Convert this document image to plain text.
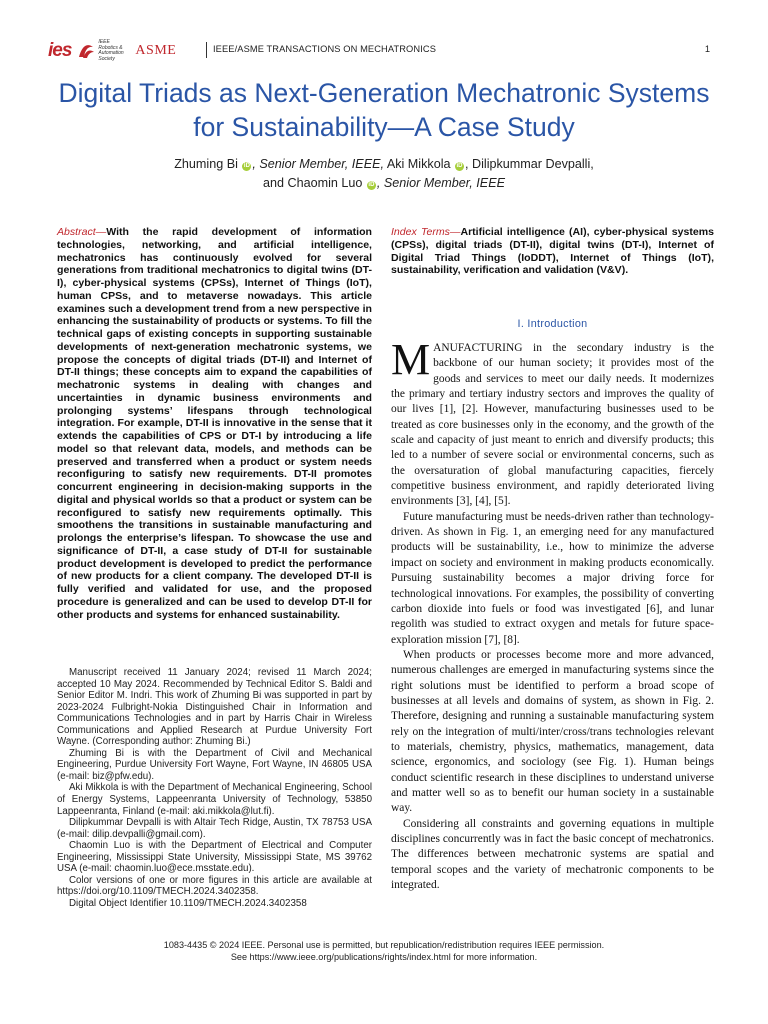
ies	IEEE Robotics & Automation Society
ASME	IEEE/ASME TRANSACTIONS ON MECHATRONICS	1
Digital Triads as Next-Generation Mechatronic Systems for Sustainability—A Case Study
Zhuming Bi iD , Senior Member, IEEE, Aki Mikkola iD , Dilipkummar Devpalli,
and Chaomin Luo iD , Senior Member, IEEE
Abstract—With the rapid development of information technologies, networking, and artificial intelligence, mechatronics has continuously evolved for several generations from traditional mechatronics to digital twins (DT-I), cyber-physical systems (CPSs), Internet of Things (IoT), human CPSs, and to metaverse nowadays. This article examines such a development trend from a new perspective in enhancing the sustainability of products or systems. To fill the technical gaps of existing concepts in supporting sustainable developments of next-generation mechatronic systems, we propose the concepts of digital triads (DT-II) and Internet of DT-II things; these concepts aim to expand the capabilities of mechatronic systems in dealing with changes and uncertainties in dynamic business environments and prolonging systems’ lifespans through technological integration. For example, DT-II is innovative in the sense that it extends the capabilities of CPS or DT-I by introducing a life model so that relevant data, models, and methods can be preserved and transferred when a product or system needs reconfiguring to satisfy new requirements. DT-II promotes concurrent engineering in decision-making supports in the digital and physical worlds so that a product or system can be reconfigured to satisfy new requirements optimally. This smoothens the transitions in sustainable manufacturing and prolongs the enterprise’s lifespan. To showcase the use and significance of DT-II, a case study of DT-II for sustainable product development is developed to predict the performance of new products for a client company. The developed DT-II is fully verified and validated for use, and the proposed procedure is generalized and can be used to develop DT-II for other products and systems for enhanced sustainability.

Manuscript received 11 January 2024; revised 11 March 2024; accepted 10 May 2024. Recommended by Technical Editor S. Baldi and Senior Editor M. Indri. This work of Zhuming Bi was supported in part by 2023-2024 Fulbright-Nokia Distinguished Chair in Information and Communications Technologies and in part by Harris Chair in Wireless Communications and Applied Research at Purdue University Fort Wayne. (Corresponding author: Zhuming Bi.)

Zhuming Bi is with the Department of Civil and Mechanical Engineering, Purdue University Fort Wayne, Fort Wayne, IN 46805 USA (e-mail: biz@pfw.edu).

Aki Mikkola is with the Department of Mechanical Engineering, School of Energy Systems, Lappeenranta University of Technology, 53850 Lappeenranta, Finland (e-mail: aki.mikkola@lut.fi).

Dilipkummar Devpalli is with Altair Tech Ridge, Austin, TX 78753 USA (e-mail: dilip.devpalli@gmail.com).

Chaomin Luo is with the Department of Electrical and Computer Engineering, Mississippi State University, Mississippi State, MS 39762 USA (e-mail: chaomin.luo@ece.msstate.edu).

Color versions of one or more figures in this article are available at https://doi.org/10.1109/TMECH.2024.3402358.

Digital Object Identifier 10.1109/TMECH.2024.3402358

Index Terms—Artificial intelligence (AI), cyber-physical systems (CPSs), digital triads (DT-II), digital twins (DT-I), Internet of Digital Triad Things (IoDDT), Internet of Things (IoT), sustainability, verification and validation (V&V).
I. Introduction

MANUFACTURING in the secondary industry is the backbone of our human society; it provides most of the goods and services to meet our daily needs. It modernizes the primary and tertiary industry sectors and improves the quality of our lives [1], [2]. However, manufacturing businesses used to be treated as core businesses only in the economy, and the growth of the scale and capacity of just meant to enrich and diversify products; this led to a number of severe social or environmental concerns, such as the oversaturation of global manufacturing capacities, fiercely competitive business environment, and rapidly deteriorated living environments [3], [4], [5].

Future manufacturing must be needs-driven rather than technology-driven. As shown in Fig. 1, an emerging need for any manufactured products will be sustainability, i.e., how to minimize the adverse impact on society and environment in making products economically. Pursuing sustainability becomes a major driving force for technological innovations. For examples, the possibility of converting carbon dioxide into fuels or food was investigated [6], and lunar regolith was studied to extract oxygen and metals for future space-exploration mission [7], [8].

When products or processes become more and more advanced, numerous challenges are emerged in manufacturing systems since the right solutions must be identified to perform a broad scope of businesses at all levels and domains of system, as shown in Fig. 2. Therefore, designing and running a sustainable manufacturing system rely on the integration of multi/inter/cross/trans technologies relevant to materials, chemistry, physics, mathematics, management, data science, ergonomics, and sociology (see Fig. 1). Human beings conduct scientific research in these disciplines to understand universe and matter well so as to benefit our human society in a sustainable way.

Considering all constraints and governing equations in multiple disciplines concurrently was in fact the basic concept of mechatronics. The differences between mechatronic systems are spatial and temporal scopes and the variety of mechatronic components to be integrated.

1083-4435 © 2024 IEEE. Personal use is permitted, but republication/redistribution requires IEEE permission.
See https://www.ieee.org/publications/rights/index.html for more information.
